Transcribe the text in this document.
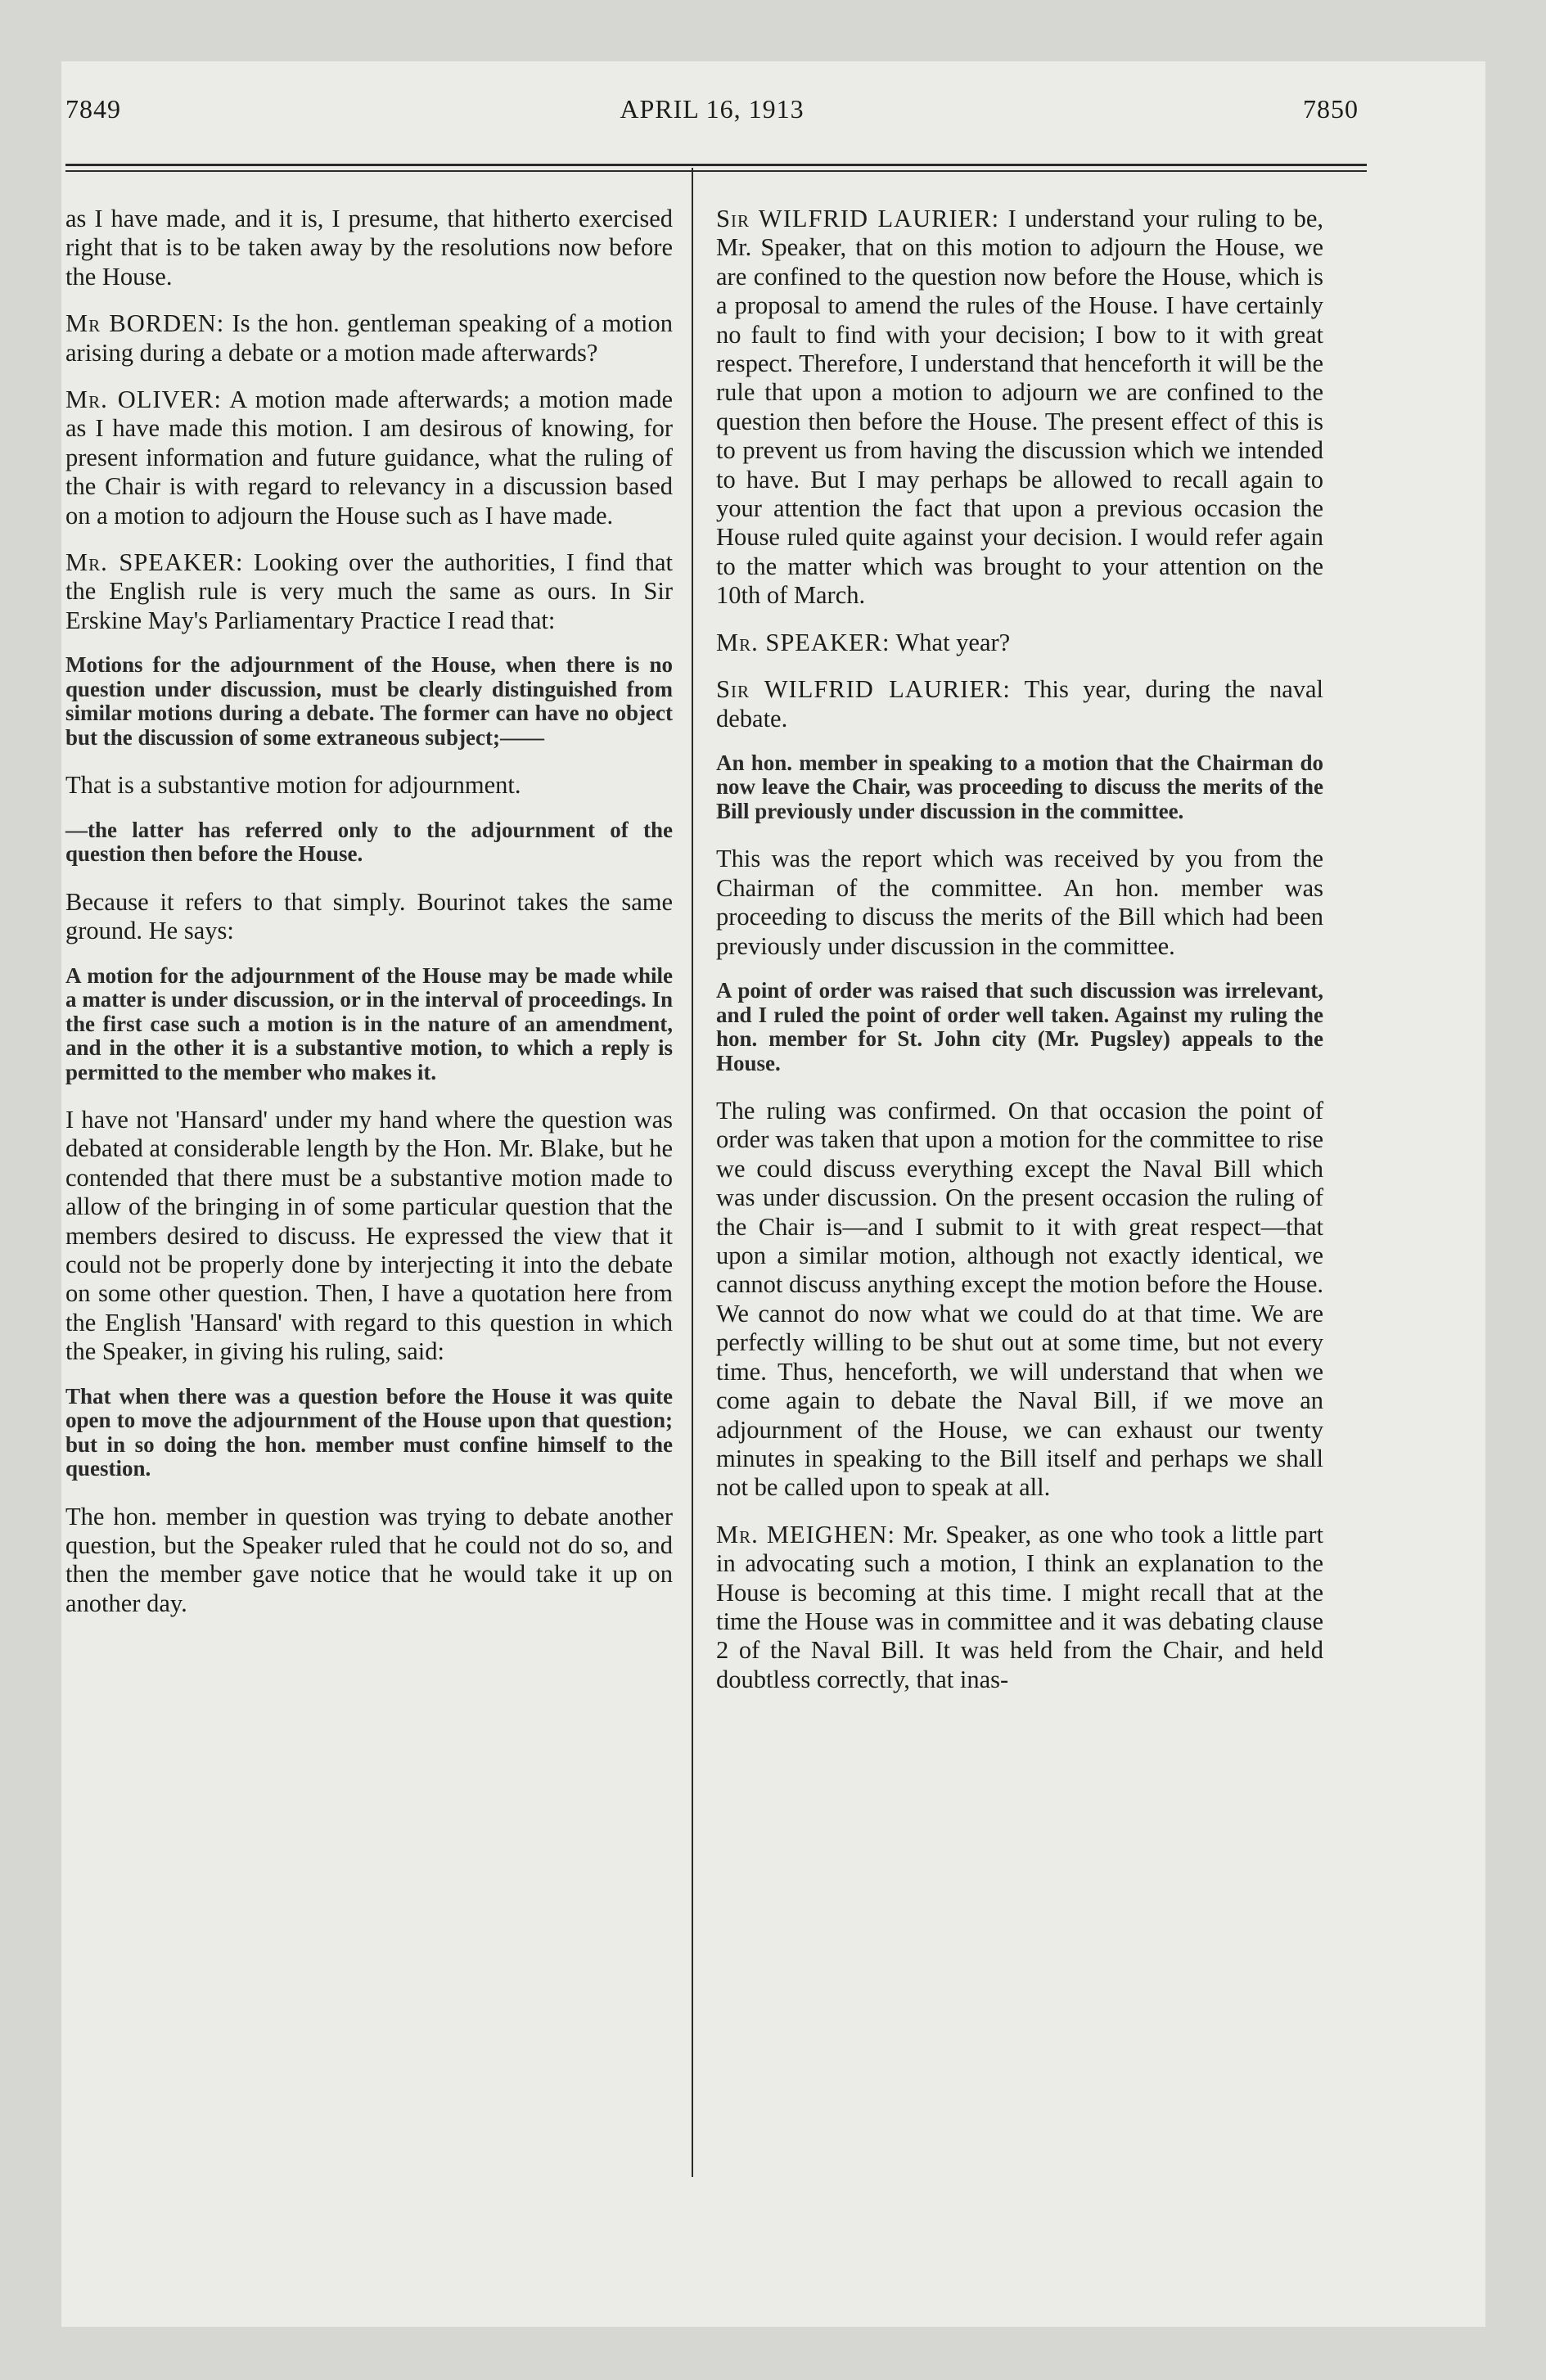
7849	APRIL 16, 1913	7850

as I have made, and it is, I presume, that hitherto exercised right that is to be taken away by the resolutions now before the House.

Mr BORDEN: Is the hon. gentleman speaking of a motion arising during a debate or a motion made afterwards?

Mr. OLIVER: A motion made afterwards; a motion made as I have made this motion. I am desirous of knowing, for present information and future guidance, what the ruling of the Chair is with regard to relevancy in a discussion based on a motion to adjourn the House such as I have made.

Mr. SPEAKER: Looking over the authorities, I find that the English rule is very much the same as ours. In Sir Erskine May's Parliamentary Practice I read that:

Motions for the adjournment of the House, when there is no question under discussion, must be clearly distinguished from similar motions during a debate. The former can have no object but the discussion of some extraneous subject;——

That is a substantive motion for adjournment.

—the latter has referred only to the adjournment of the question then before the House.

Because it refers to that simply. Bourinot takes the same ground. He says:

A motion for the adjournment of the House may be made while a matter is under discussion, or in the interval of proceedings. In the first case such a motion is in the nature of an amendment, and in the other it is a substantive motion, to which a reply is permitted to the member who makes it.

I have not 'Hansard' under my hand where the question was debated at considerable length by the Hon. Mr. Blake, but he contended that there must be a substantive motion made to allow of the bringing in of some particular question that the members desired to discuss. He expressed the view that it could not be properly done by interjecting it into the debate on some other question. Then, I have a quotation here from the English 'Hansard' with regard to this question in which the Speaker, in giving his ruling, said:

That when there was a question before the House it was quite open to move the adjournment of the House upon that question; but in so doing the hon. member must confine himself to the question.

The hon. member in question was trying to debate another question, but the Speaker ruled that he could not do so, and then the member gave notice that he would take it up on another day.

Sir WILFRID LAURIER: I understand your ruling to be, Mr. Speaker, that on this motion to adjourn the House, we are confined to the question now before the House, which is a proposal to amend the rules of the House. I have certainly no fault to find with your decision; I bow to it with great respect. Therefore, I understand that henceforth it will be the rule that upon a motion to adjourn we are confined to the question then before the House. The present effect of this is to prevent us from having the discussion which we intended to have. But I may perhaps be allowed to recall again to your attention the fact that upon a previous occasion the House ruled quite against your decision. I would refer again to the matter which was brought to your attention on the 10th of March.

Mr. SPEAKER: What year?

Sir WILFRID LAURIER: This year, during the naval debate.

An hon. member in speaking to a motion that the Chairman do now leave the Chair, was proceeding to discuss the merits of the Bill previously under discussion in the committee.

This was the report which was received by you from the Chairman of the committee. An hon. member was proceeding to discuss the merits of the Bill which had been previously under discussion in the committee.

A point of order was raised that such discussion was irrelevant, and I ruled the point of order well taken. Against my ruling the hon. member for St. John city (Mr. Pugsley) appeals to the House.

The ruling was confirmed. On that occasion the point of order was taken that upon a motion for the committee to rise we could discuss everything except the Naval Bill which was under discussion. On the present occasion the ruling of the Chair is—and I submit to it with great respect—that upon a similar motion, although not exactly identical, we cannot discuss anything except the motion before the House. We cannot do now what we could do at that time. We are perfectly willing to be shut out at some time, but not every time. Thus, henceforth, we will understand that when we come again to debate the Naval Bill, if we move an adjournment of the House, we can exhaust our twenty minutes in speaking to the Bill itself and perhaps we shall not be called upon to speak at all.

Mr. MEIGHEN: Mr. Speaker, as one who took a little part in advocating such a motion, I think an explanation to the House is becoming at this time. I might recall that at the time the House was in committee and it was debating clause 2 of the Naval Bill. It was held from the Chair, and held doubtless correctly, that inas-
